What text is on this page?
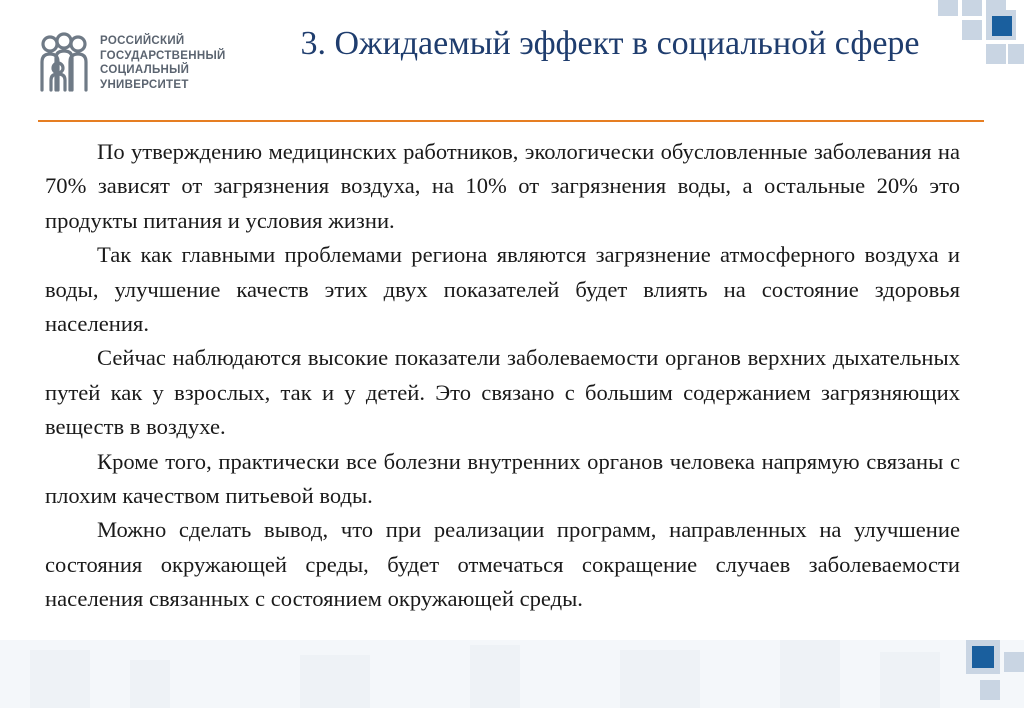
РОССИЙСКИЙ
ГОСУДАРСТВЕННЫЙ
СОЦИАЛЬНЫЙ
УНИВЕРСИТЕТ
3. Ожидаемый эффект в социальной сфере

По утверждению медицинских работников, экологически обусловленные заболевания на 70% зависят от загрязнения воздуха, на 10% от загрязнения воды, а остальные 20% это продукты питания и условия жизни.

Так как главными проблемами региона являются загрязнение атмосферного воздуха и воды, улучшение качеств этих двух показателей будет влиять на состояние здоровья населения.

Сейчас наблюдаются высокие показатели заболеваемости органов верхних дыхательных путей как у взрослых, так и у детей. Это связано с большим содержанием загрязняющих веществ в воздухе.

Кроме того, практически все болезни внутренних органов человека напрямую связаны с плохим качеством питьевой воды.

Можно сделать вывод, что при реализации программ, направленных на улучшение состояния окружающей среды, будет отмечаться сокращение случаев заболеваемости населения связанных с состоянием окружающей среды.
